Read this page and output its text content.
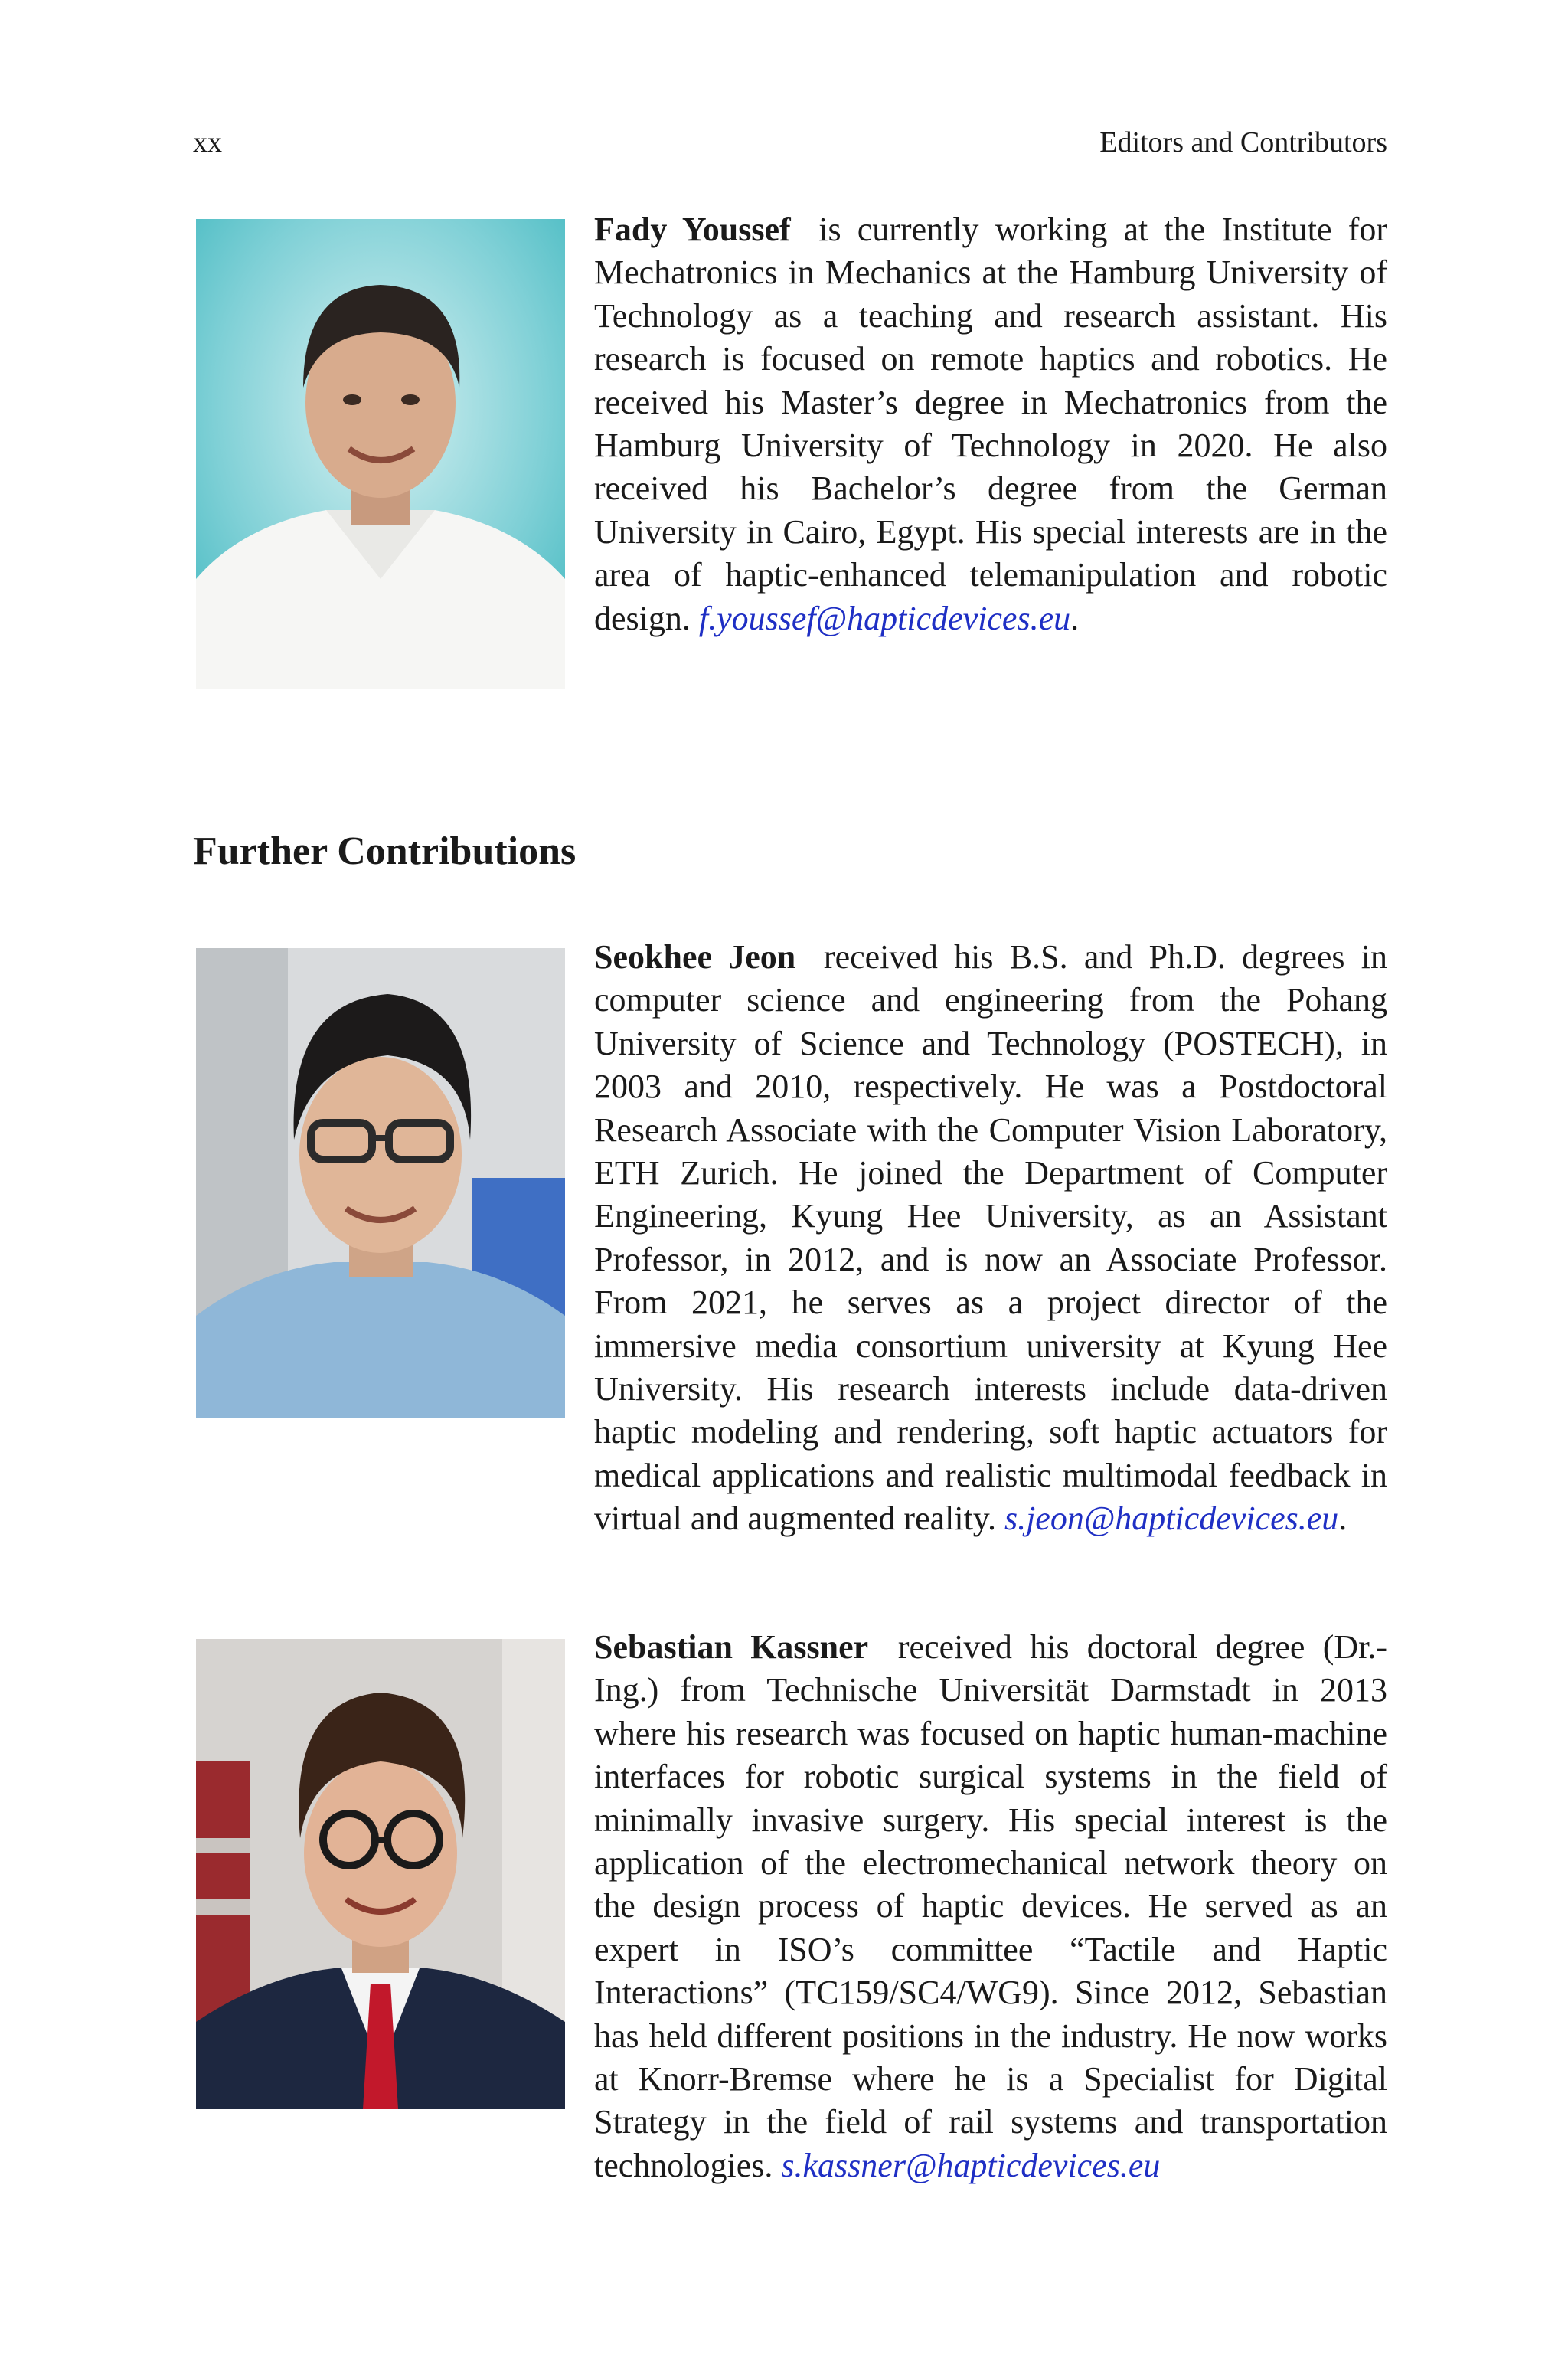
xx	Editors and Contributors

Fady Youssef is currently working at the Institute for Mechatronics in Mechanics at the Hamburg University of Technology as a teaching and research assistant. His research is focused on remote haptics and robotics. He received his Master’s degree in Mechatronics from the Hamburg University of Technology in 2020. He also received his Bachelor’s degree from the German University in Cairo, Egypt. His special interests are in the area of haptic-enhanced telemanipulation and robotic design. f.youssef@hapticdevices.eu.

Further Contributions

Seokhee Jeon received his B.S. and Ph.D. degrees in computer science and engineering from the Pohang University of Science and Technology (POSTECH), in 2003 and 2010, respectively. He was a Postdoctoral Research Associate with the Computer Vision Laboratory, ETH Zurich. He joined the Department of Computer Engineering, Kyung Hee University, as an Assistant Professor, in 2012, and is now an Associate Professor. From 2021, he serves as a project director of the immersive media consortium university at Kyung Hee University. His research interests include data-driven haptic modeling and rendering, soft haptic actuators for medical applications and realistic multimodal feedback in virtual and augmented reality. s.jeon@hapticdevices.eu.

Sebastian Kassner received his doctoral degree (Dr.-Ing.) from Technische Universität Darmstadt in 2013 where his research was focused on haptic human-machine interfaces for robotic surgical systems in the field of minimally invasive surgery. His special interest is the application of the electromechanical network theory on the design process of haptic devices. He served as an expert in ISO’s committee “Tactile and Haptic Interactions” (TC159/SC4/WG9). Since 2012, Sebastian has held different positions in the industry. He now works at Knorr-Bremse where he is a Specialist for Digital Strategy in the field of rail systems and transportation technologies. s.kassner@hapticdevices.eu
